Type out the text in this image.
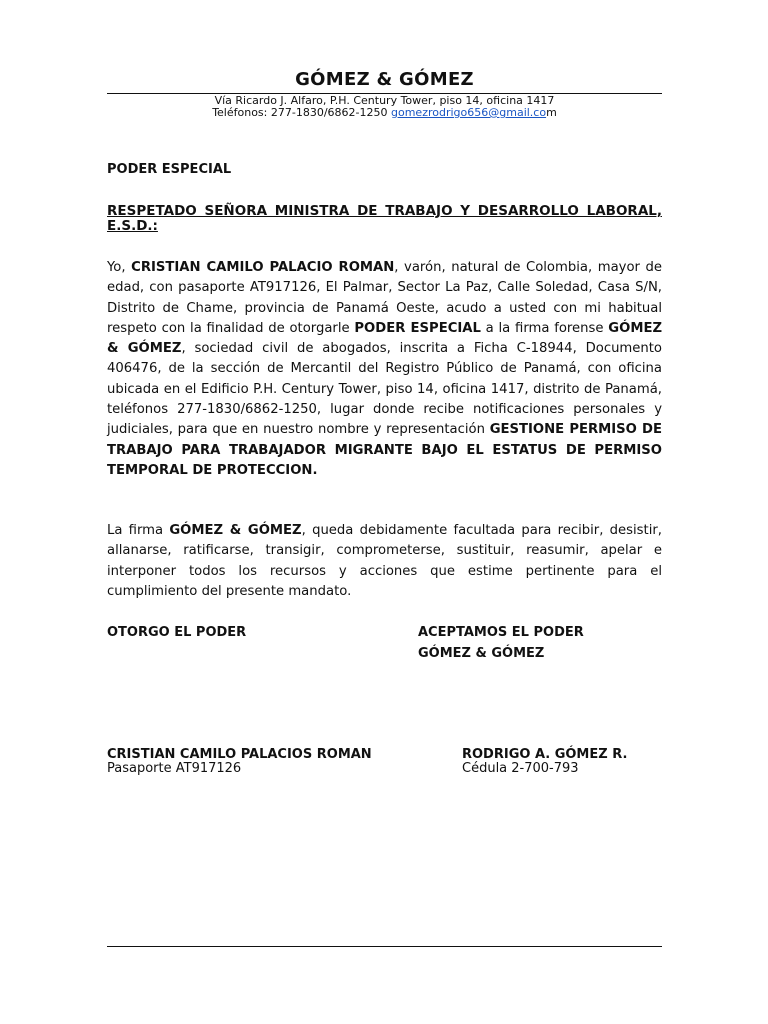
GÓMEZ & GÓMEZ
Vía Ricardo J. Alfaro, P.H. Century Tower, piso 14, oficina 1417
Teléfonos: 277-1830/6862-1250 gomezrodrigo656@gmail.com
PODER ESPECIAL
RESPETADO SEÑORA MINISTRA DE TRABAJO Y DESARROLLO LABORAL, E.S.D.:

Yo, CRISTIAN CAMILO PALACIO ROMAN, varón, natural de Colombia, mayor de edad, con pasaporte AT917126, El Palmar, Sector La Paz, Calle Soledad, Casa S/N, Distrito de Chame, provincia de Panamá Oeste, acudo a usted con mi habitual respeto con la finalidad de otorgarle PODER ESPECIAL a la firma forense GÓMEZ & GÓMEZ, sociedad civil de abogados, inscrita a Ficha C-18944, Documento 406476, de la sección de Mercantil del Registro Público de Panamá, con oficina ubicada en el Edificio P.H. Century Tower, piso 14, oficina 1417, distrito de Panamá, teléfonos 277-1830/6862-1250, lugar donde recibe notificaciones personales y judiciales, para que en nuestro nombre y representación GESTIONE PERMISO DE TRABAJO PARA TRABAJADOR MIGRANTE BAJO EL ESTATUS DE PERMISO TEMPORAL DE PROTECCION.

La firma GÓMEZ & GÓMEZ, queda debidamente facultada para recibir, desistir, allanarse, ratificarse, transigir, comprometerse, sustituir, reasumir, apelar e interponer todos los recursos y acciones que estime pertinente para el cumplimiento del presente mandato.

OTORGO EL PODER	ACEPTAMOS EL PODER
GÓMEZ & GÓMEZ
CRISTIAN CAMILO PALACIOS ROMAN
Pasaporte AT917126
RODRIGO A. GÓMEZ R.
Cédula 2-700-793
